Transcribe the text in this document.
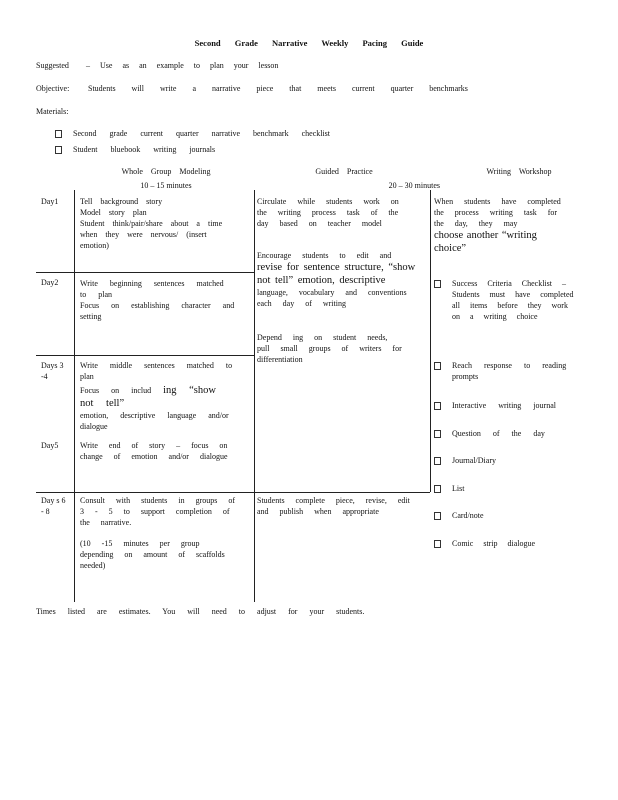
Second Grade Narrative Weekly Pacing Guide
Suggested – Use as an example to plan your lesson
Objective: Students will write a narrative piece that meets current quarter benchmarks
Materials:
Second grade current quarter narrative benchmark checklist
Student bluebook writing journals
Whole Group Modeling
10 – 15 minutes
Guided Practice
20 – 30 minutes
Writing Workshop
Day1
Day2
Days 3 -4
Day5
Day s 6 - 8

Tell background story

Model story plan

Student think/pair/share about a time when they were nervous/ (insert emotion)

Write beginning sentences matched to plan

Focus on establishing character and setting

Write middle sentences matched to plan

Focus on includ ing “show not tell”

emotion, descriptive language and/or dialogue

Write end of story – focus on change of emotion and/or dialogue

Consult with students in groups of 3 - 5 to support completion of the narrative.

(10 -15 minutes per group depending on amount of scaffolds needed)

Circulate while students work on the writing process task of the day based on teacher model

Encourage students to edit and

revise for sentence structure, “show not tell” emotion, descriptive

language, vocabulary and conventions each day of writing

Depend ing on student needs, pull small groups of writers for differentiation
Students complete piece, revise, edit and publish when appropriate

When students have completed the process writing task for the day, they may

choose another “writing choice”

Success Criteria Checklist – Students must have completed all items before they work on a writing choice
Reach response to reading prompts
Interactive writing journal
Question of the day
Journal/Diary
List
Card/note
Comic strip dialogue
Times listed are estimates. You will need to adjust for your students.
